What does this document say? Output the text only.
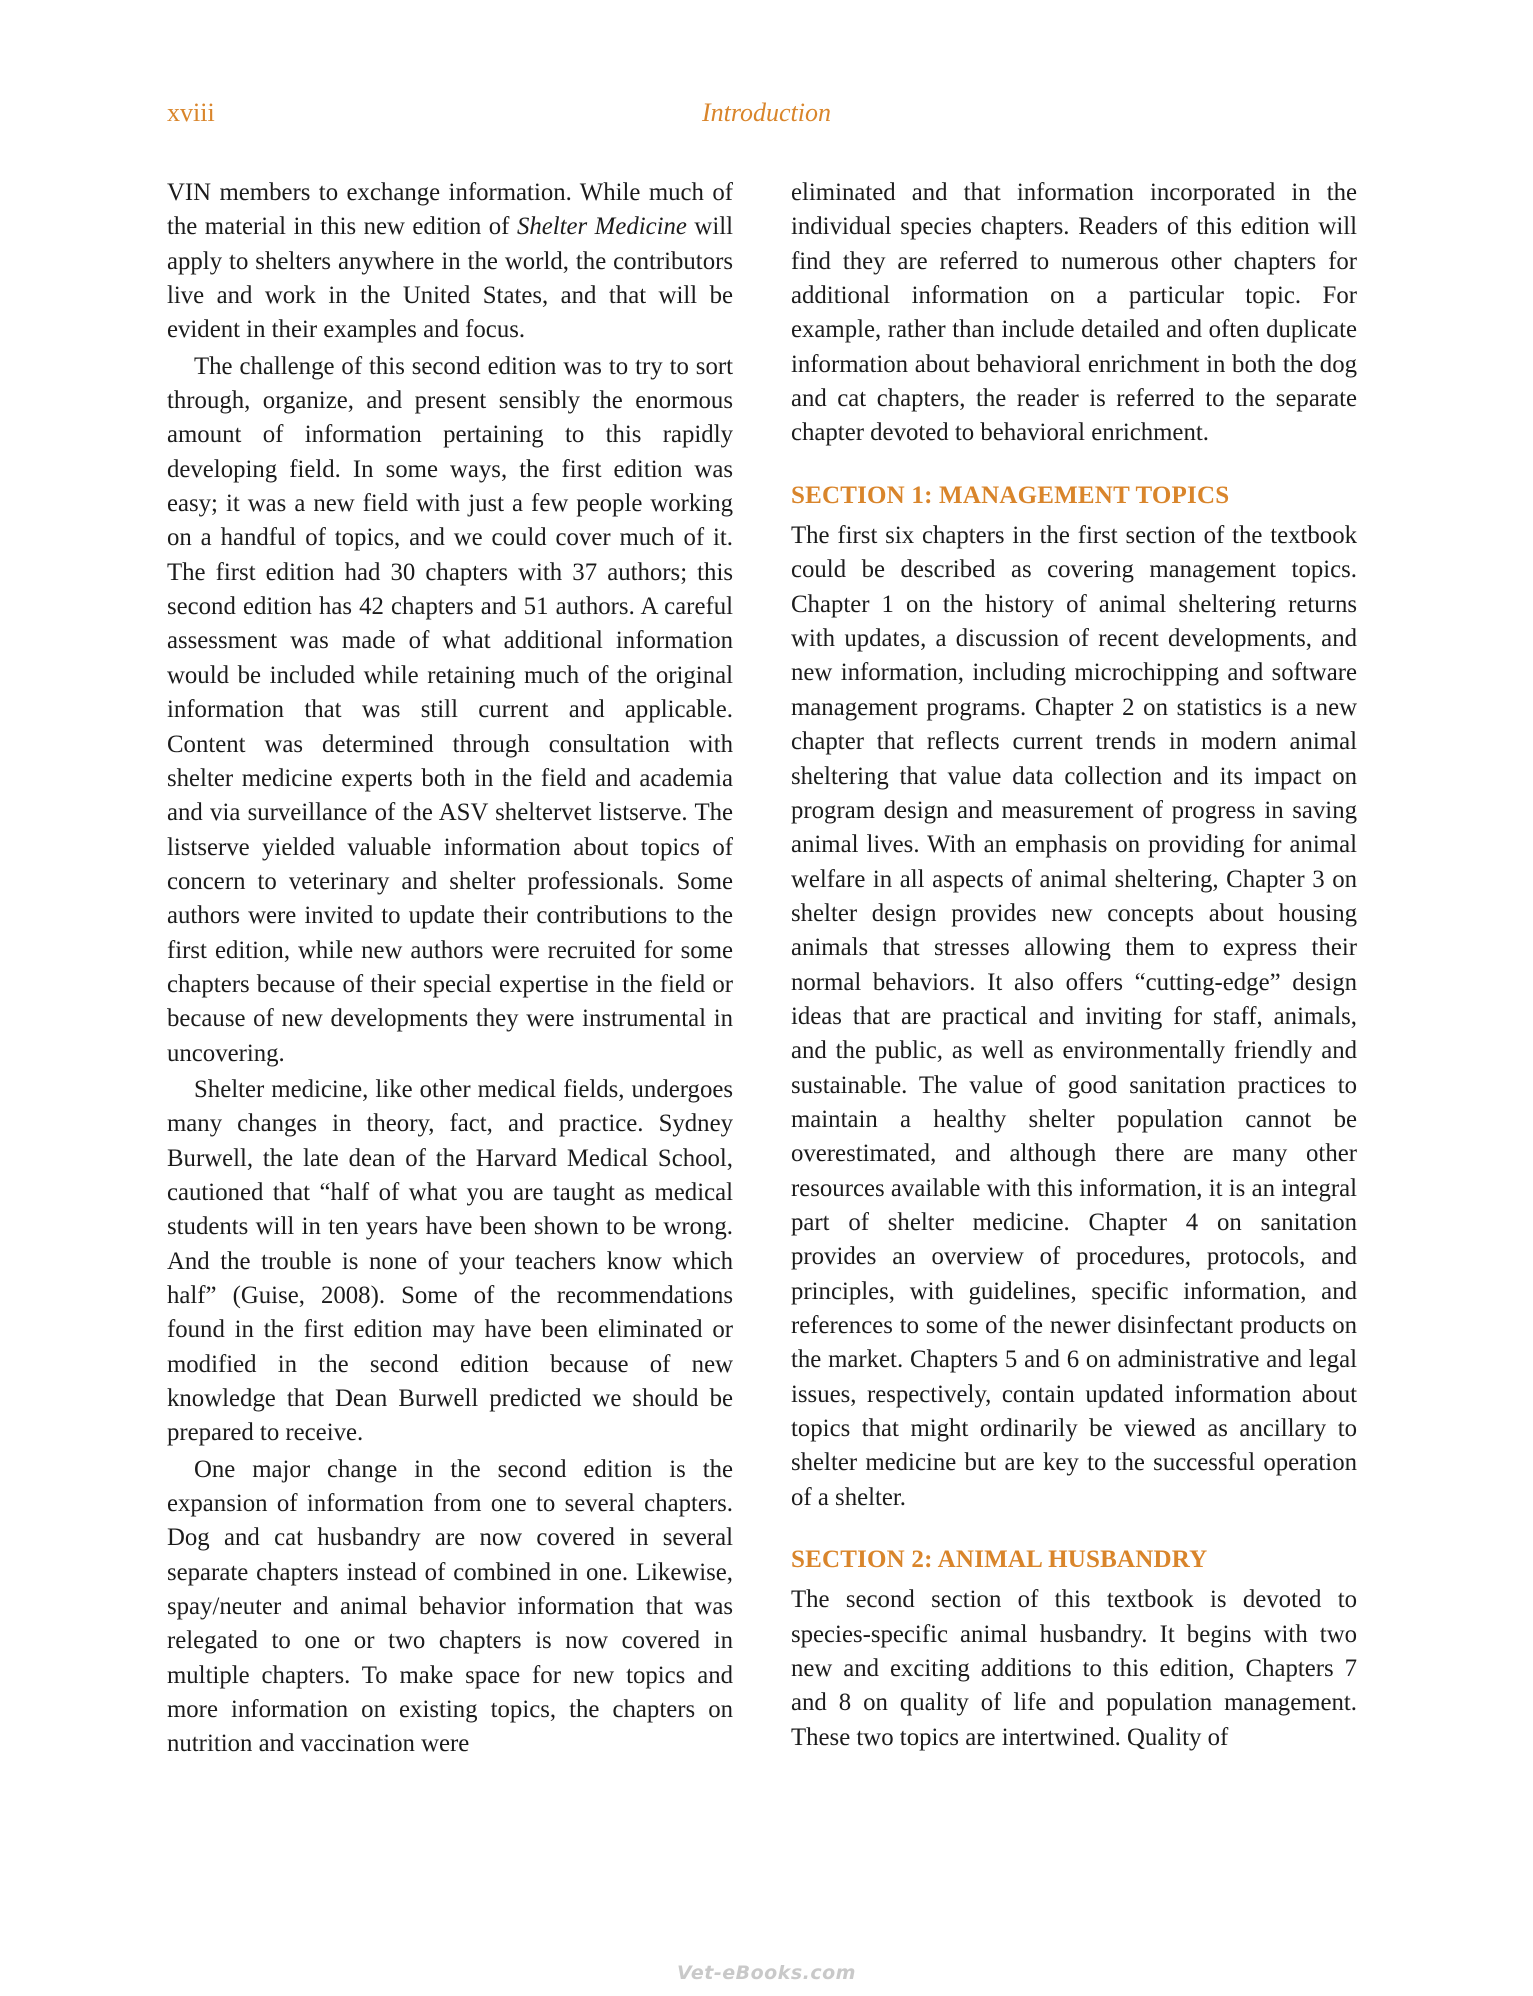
xviii	Introduction

VIN members to exchange information. While much of the material in this new edition of Shelter Medicine will apply to shelters anywhere in the world, the contributors live and work in the United States, and that will be evident in their examples and focus.

The challenge of this second edition was to try to sort through, organize, and present sensibly the enormous amount of information pertaining to this rapidly developing field. In some ways, the first edition was easy; it was a new field with just a few people working on a handful of topics, and we could cover much of it. The first edition had 30 chapters with 37 authors; this second edition has 42 chapters and 51 authors. A careful assessment was made of what additional information would be included while retaining much of the original information that was still current and applicable. Content was determined through consultation with shelter medicine experts both in the field and academia and via surveillance of the ASV sheltervet listserve. The listserve yielded valuable information about topics of concern to veterinary and shelter professionals. Some authors were invited to update their contributions to the first edition, while new authors were recruited for some chapters because of their special expertise in the field or because of new developments they were instrumental in uncovering.

Shelter medicine, like other medical fields, undergoes many changes in theory, fact, and practice. Sydney Burwell, the late dean of the Harvard Medical School, cautioned that “half of what you are taught as medical students will in ten years have been shown to be wrong. And the trouble is none of your teachers know which half” (Guise, 2008). Some of the recommendations found in the first edition may have been eliminated or modified in the second edition because of new knowledge that Dean Burwell predicted we should be prepared to receive.

One major change in the second edition is the expansion of information from one to several chapters. Dog and cat husbandry are now covered in several separate chapters instead of combined in one. Likewise, spay/neuter and animal behavior information that was relegated to one or two chapters is now covered in multiple chapters. To make space for new topics and more information on existing topics, the chapters on nutrition and vaccination were

eliminated and that information incorporated in the individual species chapters. Readers of this edition will find they are referred to numerous other chapters for additional information on a particular topic. For example, rather than include detailed and often duplicate information about behavioral enrichment in both the dog and cat chapters, the reader is referred to the separate chapter devoted to behavioral enrichment.

SECTION 1: MANAGEMENT TOPICS

The first six chapters in the first section of the textbook could be described as covering management topics. Chapter 1 on the history of animal sheltering returns with updates, a discussion of recent developments, and new information, including microchipping and software management programs. Chapter 2 on statistics is a new chapter that reflects current trends in modern animal sheltering that value data collection and its impact on program design and measurement of progress in saving animal lives. With an emphasis on providing for animal welfare in all aspects of animal sheltering, Chapter 3 on shelter design provides new concepts about housing animals that stresses allowing them to express their normal behaviors. It also offers “cutting-edge” design ideas that are practical and inviting for staff, animals, and the public, as well as environmentally friendly and sustainable. The value of good sanitation practices to maintain a healthy shelter population cannot be overestimated, and although there are many other resources available with this information, it is an integral part of shelter medicine. Chapter 4 on sanitation provides an overview of procedures, protocols, and principles, with guidelines, specific information, and references to some of the newer disinfectant products on the market. Chapters 5 and 6 on administrative and legal issues, respectively, contain updated information about topics that might ordinarily be viewed as ancillary to shelter medicine but are key to the successful operation of a shelter.

SECTION 2: ANIMAL HUSBANDRY

The second section of this textbook is devoted to species-specific animal husbandry. It begins with two new and exciting additions to this edition, Chapters 7 and 8 on quality of life and population management. These two topics are intertwined. Quality of

Vet-eBooks.com
